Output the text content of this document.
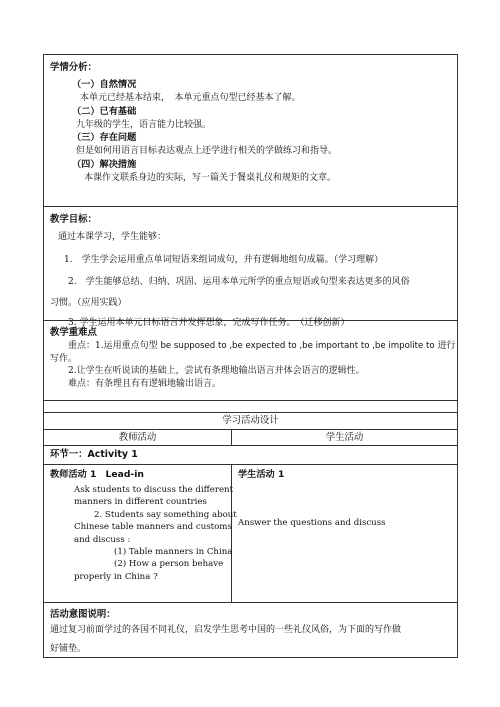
学情分析：

（一）自然情况

本单元已经基本结束，　本单元重点句型已经基本了解。

（二）已有基础

九年级的学生，语言能力比较强。

（三）存在问题

但是如何用语言目标表达观点上还学进行相关的学做练习和指导。

（四）解决措施

本课作文联系身边的实际，写一篇关于餐桌礼仪和规矩的文章。

教学目标：

通过本课学习，学生能够：

1.　学生学会运用重点单词短语来组词成句，并有逻辑地组句成篇。（学习理解）

2.　学生能够总结、归纳、巩固、运用本单元所学的重点短语或句型来表达更多的风俗

习惯。（应用实践）

3. 学生运用本单元目标语言并发挥想象，完成写作任务。　（迁移创新）

教学重难点

重点：1.运用重点句型 be supposed to ,be expected to ,be important to ,be impolite to 进行

写作。

2.让学生在听说读的基础上，尝试有条理地输出语言并体会语言的逻辑性。

难点：有条理且有有逻辑地输出语言。

学习活动设计

教师活动	学生活动

环节一：Activity 1

教师活动 1　Lead-in

Ask students to discuss the different

manners in different countries

2. Students say something about

Chinese table manners and customs

and discuss :

(1) Table manners in China

(2) How a person behave

properly in China ?

学生活动 1

Answer the questions and discuss

活动意图说明：

通过复习前面学过的各国不同礼仪，启发学生思考中国的一些礼仪风俗，为下面的写作做

好铺垫。
